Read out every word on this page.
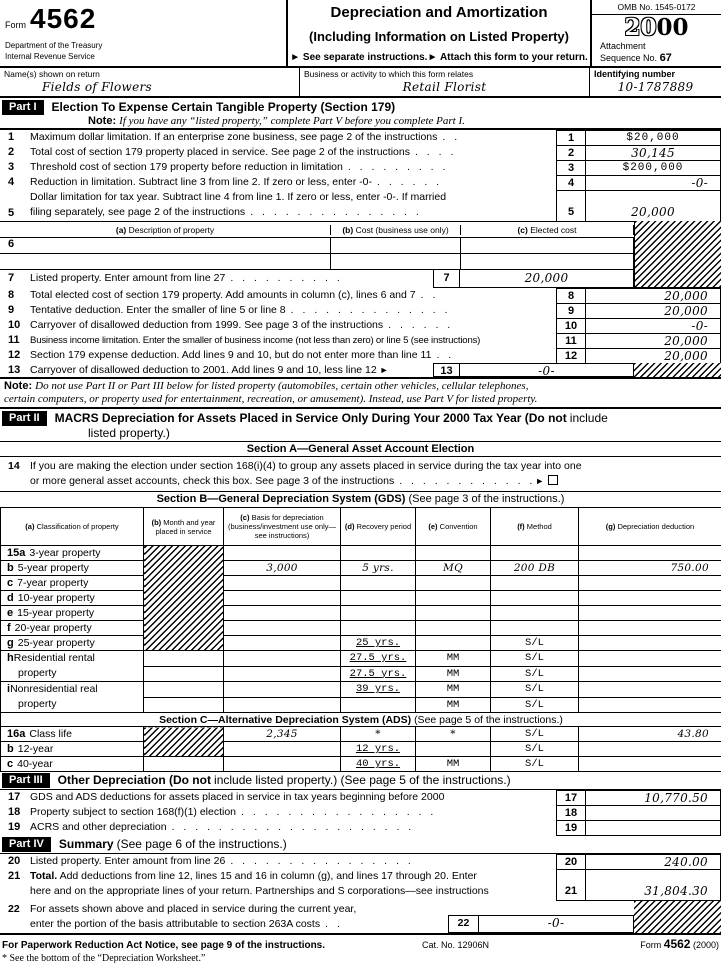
Form 4562
Department of the Treasury
Internal Revenue Service
Depreciation and Amortization
(Including Information on Listed Property)
► See separate instructions. ► Attach this form to your return.
OMB No. 1545-0172
2000
Attachment
Sequence No. 67
Name(s) shown on return
Fields of Flowers
Business or activity to which this form relates
Retail Florist
Identifying number
10-1787889
Part I Election To Expense Certain Tangible Property (Section 179)
Note: If you have any “listed property,” complete Part V before you complete Part I.
1 Maximum dollar limitation. If an enterprise zone business, see page 2 of the instructions . .	1	$20,000
2 Total cost of section 179 property placed in service. See page 2 of the instructions . . . .	2	30,145
3 Threshold cost of section 179 property before reduction in limitation . . . . . . . . .	3	$200,000
4 Reduction in limitation. Subtract line 3 from line 2. If zero or less, enter -0- . . . . . .	4	-0-
5
Dollar limitation for tax year. Subtract line 4 from line 1. If zero or less, enter -0-. If married
filing separately, see page 2 of the instructions . . . . . . . . . . . . . . .	5	20,000
(a) Description of property	(b) Cost (business use only)	(c) Elected cost
6
7 Listed property. Enter amount from line 27 . . . . . . . . . .	7	20,000
8 Total elected cost of section 179 property. Add amounts in column (c), lines 6 and 7 . .	8	20,000
9 Tentative deduction. Enter the smaller of line 5 or line 8 . . . . . . . . . . . . . .	9	20,000
10 Carryover of disallowed deduction from 1999. See page 3 of the instructions . . . . . .	10	-0-
11 Business income limitation. Enter the smaller of business income (not less than zero) or line 5 (see instructions)	11	20,000
12 Section 179 expense deduction. Add lines 9 and 10, but do not enter more than line 11 . .	12	20,000
13 Carryover of disallowed deduction to 2001. Add lines 9 and 10, less line 12 ►	13	-0-
Note: Do not use Part II or Part III below for listed property (automobiles, certain other vehicles, cellular telephones,
certain computers, or property used for entertainment, recreation, or amusement). Instead, use Part V for listed property.
Part II MACRS Depreciation for Assets Placed in Service Only During Your 2000 Tax Year (Do not include
listed property.)
Section A—General Asset Account Election
14 If you are making the election under section 168(i)(4) to group any assets placed in service during the tax year into one
or more general asset accounts, check this box. See page 3 of the instructions . . . . . . . . . . . . ►
Section B—General Depreciation System (GDS) (See page 3 of the instructions.)
(a) Classification of property	(b) Month and year placed in service	(c) Basis for depreciation (business/investment use only—see instructions)	(d) Recovery period	(e) Convention	(f) Method	(g) Depreciation deduction
15a 3-year property						
b 5-year property		3,000	5 yrs.	MQ	200 DB	750.00
c 7-year property						
d 10-year property						
e 15-year property						
f 20-year property						
g 25-year property			25 yrs.		S/L	
hResidential rental
property			27.5 yrs.	MM	S/L	
			27.5 yrs.	MM	S/L	
iNonresidential real
property			39 yrs.	MM	S/L	
				MM	S/L	
Section C—Alternative Depreciation System (ADS) (See page 5 of the instructions.)						
16a Class life		2,345	*	*	S/L	43.80
b 12-year			12 yrs.		S/L	
c 40-year			40 yrs.	MM	S/L	
Part III Other Depreciation (Do not include listed property.) (See page 5 of the instructions.)
17 GDS and ADS deductions for assets placed in service in tax years beginning before 2000	17	10,770.50
18 Property subject to section 168(f)(1) election . . . . . . . . . . . . . . . . .	18
19 ACRS and other depreciation . . . . . . . . . . . . . . . . . . . . .	19
Part IV Summary (See page 6 of the instructions.)
20 Listed property. Enter amount from line 26 . . . . . . . . . . . . . . . .	20	240.00
21 Total. Add deductions from line 12, lines 15 and 16 in column (g), and lines 17 through 20. Enter
here and on the appropriate lines of your return. Partnerships and S corporations—see instructions	21	31,804.30
22 For assets shown above and placed in service during the current year,
enter the portion of the basis attributable to section 263A costs . .	22	-0-
For Paperwork Reduction Act Notice, see page 9 of the instructions.	Cat. No. 12906N	Form 4562 (2000)
* See the bottom of the “Depreciation Worksheet.”
